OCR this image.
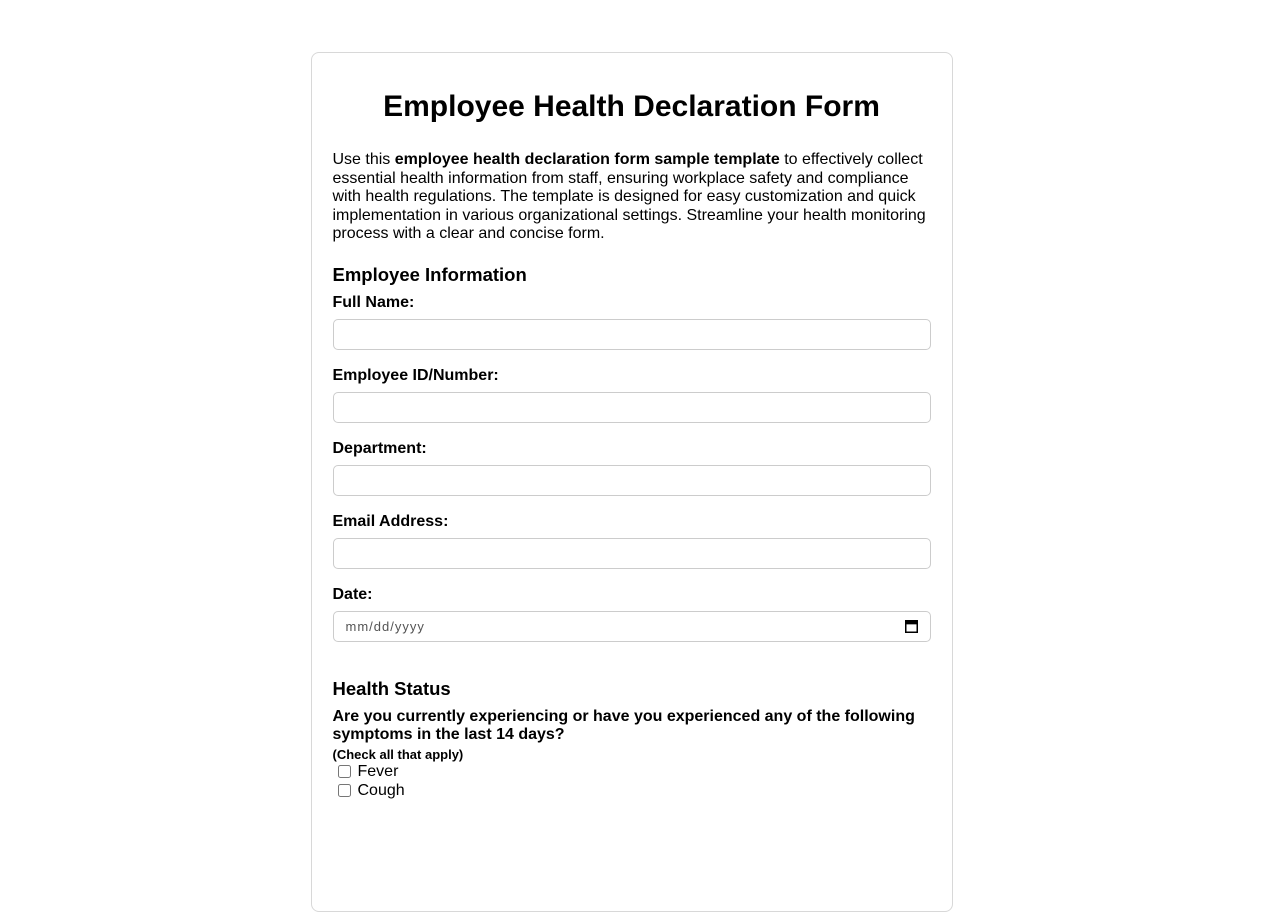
Employee Health Declaration Form

Use this employee health declaration form sample template to effectively collect essential health information from staff, ensuring workplace safety and compliance with health regulations. The template is designed for easy customization and quick implementation in various organizational settings. Streamline your health monitoring process with a clear and concise form.

Employee Information
Full Name:
Employee ID/Number:
Department:
Email Address:
Date:
mm/dd/yyyy
Health Status

Are you currently experiencing or have you experienced any of the following symptoms in the last 14 days?

(Check all that apply)

Fever
Cough
